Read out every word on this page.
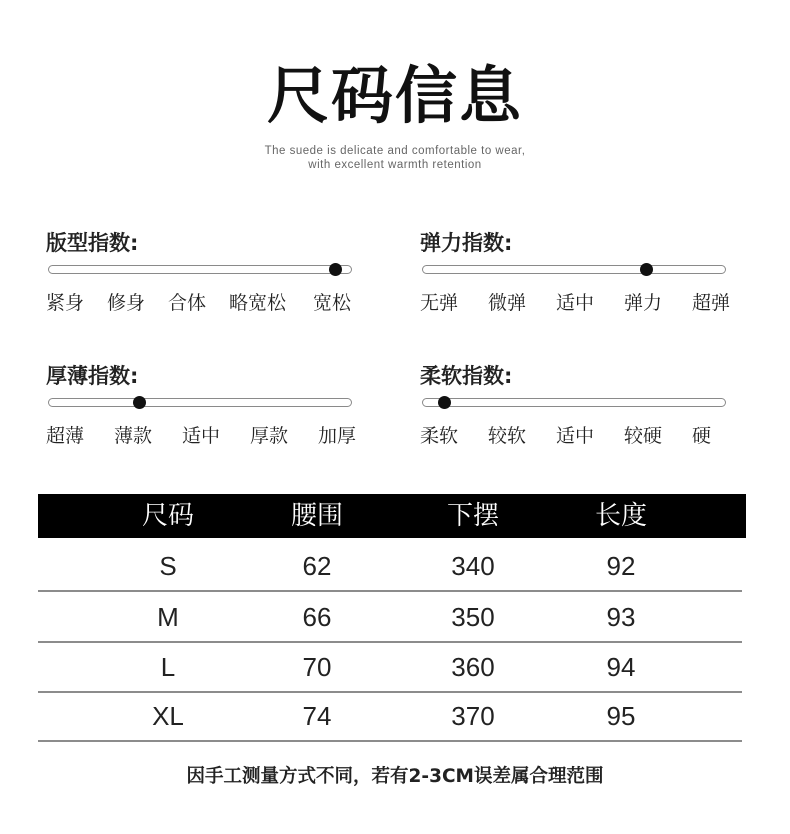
尺码信息
The suede is delicate and comfortable to wear,
with excellent warmth retention
版型指数:
紧身 修身 合体 略宽松 宽松
弹力指数:
无弹 微弹 适中 弹力 超弹
厚薄指数:
超薄 薄款 适中 厚款 加厚
柔软指数:
柔软 较软 适中 较硬 硬
尺码	腰围	下摆	长度
S	62	340	92
M	66	350	93
L	70	360	94
XL	74	370	95
因手工测量方式不同，若有2-3CM误差属合理范围
